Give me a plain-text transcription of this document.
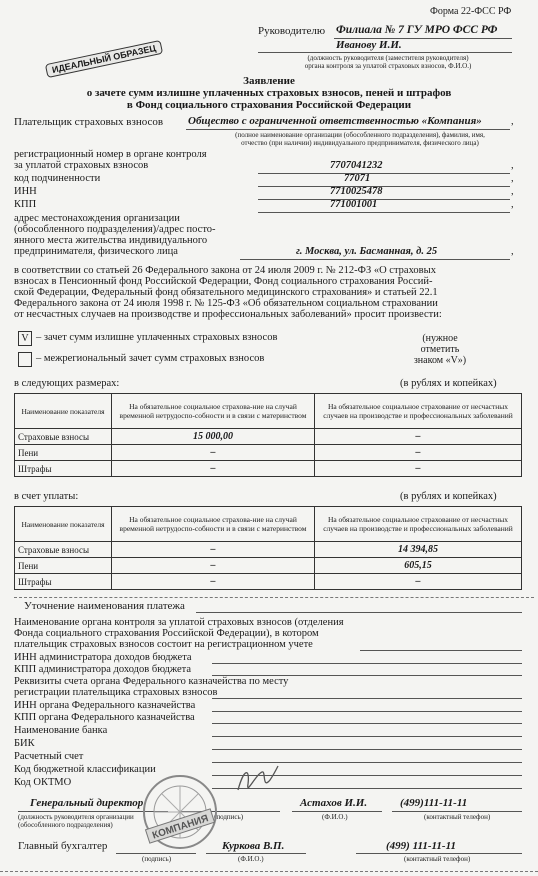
Форма 22-ФСС РФ
ИДЕАЛЬНЫЙ ОБРАЗЕЦ
Руководителю Филиала № 7 ГУ МРО ФСС РФ
Иванову И.И.
(должность руководителя (заместителя руководителя)
органа контроля за уплатой страховых взносов, Ф.И.О.)
Заявление
о зачете сумм излишне уплаченных страховых взносов, пеней и штрафов
в Фонд социального страхования Российской Федерации
Плательщик страховых взносов Общество с ограниченной ответственностью «Компания»	,
(полное наименование организации (обособленного подразделения), фамилия, имя,
отчество (при наличии) индивидуального предпринимателя, физического лица)
регистрационный номер в органе контроля
за уплатой страховых взносов	7707041232	,
код подчиненности	77071	,
ИНН	7710025478	,
КПП	771001001	,
адрес местонахождения организации
(обособленного подразделения)/адрес посто-
янного места жительства индивидуального
предпринимателя, физического лица	г. Москва, ул. Басманная, д. 25	,
в соответствии со статьей 26 Федерального закона от 24 июля 2009 г. № 212-ФЗ «О страховых
взносах в Пенсионный фонд Российской Федерации, Фонд социального страхования Россий-
ской Федерации, Федеральный фонд обязательного медицинского страхования» и статьей 22.1
Федерального закона от 24 июля 1998 г. № 125-ФЗ «Об обязательном социальном страховании
от несчастных случаев на производстве и профессиональных заболеваний» просит произвести:
V – зачет сумм излишне уплаченных страховых взносов
– межрегиональный зачет сумм страховых взносов
(нужное
отметить
знаком «V»)
в следующих размерах:	(в рублях и копейках)
Наименование показателя	На обязательное социальное страхова-ние на случай временной нетрудоспо-собности и в связи с материнством	На обязательное социальное страхование от несчастных случаев на производстве и профессиональных заболеваний
Страховые взносы	15 000,00	–
Пени	–	–
Штрафы	–	–
в счет уплаты:	(в рублях и копейках)
Наименование показателя	На обязательное социальное страхова-ние на случай временной нетрудоспо-собности и в связи с материнством	На обязательное социальное страхование от несчастных случаев на производстве и профессиональных заболеваний
Страховые взносы	–	14 394,85
Пени	–	605,15
Штрафы	–	–
Уточнение наименования платежа
Наименование органа контроля за уплатой страховых взносов (отделения
Фонда социального страхования Российской Федерации), в котором
плательщик страховых взносов состоит на регистрационном учете
ИНН администратора доходов бюджета
КПП администратора доходов бюджета
Реквизиты счета органа Федерального казначейства по месту
регистрации плательщика страховых взносов
ИНН органа Федерального казначейства
КПП органа Федерального казначейства
Наименование банка
БИК
Расчетный счет
Код бюджетной классификации
Код ОКТМО
Генеральный директор	Астахов И.И.	(499)111-11-11
(должность руководителя организации
(обособленного подразделения)
(подпись)	(Ф.И.О.)	(контактный телефон)
Главный бухгалтер	Куркова В.П.	(499) 111-11-11
(подпись)	(Ф.И.О.)	(контактный телефон)
КОМПАНИЯ
